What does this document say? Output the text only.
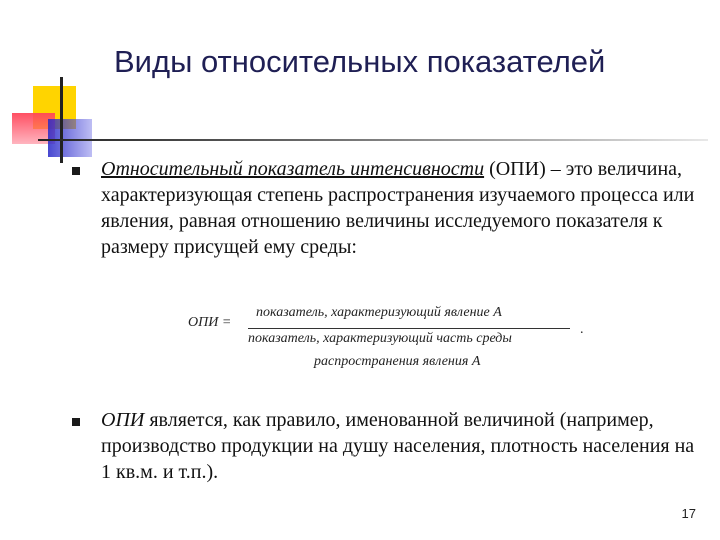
Виды относительных показателей
Относительный показатель интенсивности (ОПИ) – это величина, характеризующая степень распространения изучаемого процесса или явления, равная отношению величины исследуемого показателя к размеру присущей ему среды:
ОПИ =
показатель, характеризующий явление А
показатель, характеризующий часть среды
.
распространения явления А
ОПИ является, как правило, именованной величиной (например, производство продукции на душу населения, плотность населения на 1 кв.м. и т.п.).
17
